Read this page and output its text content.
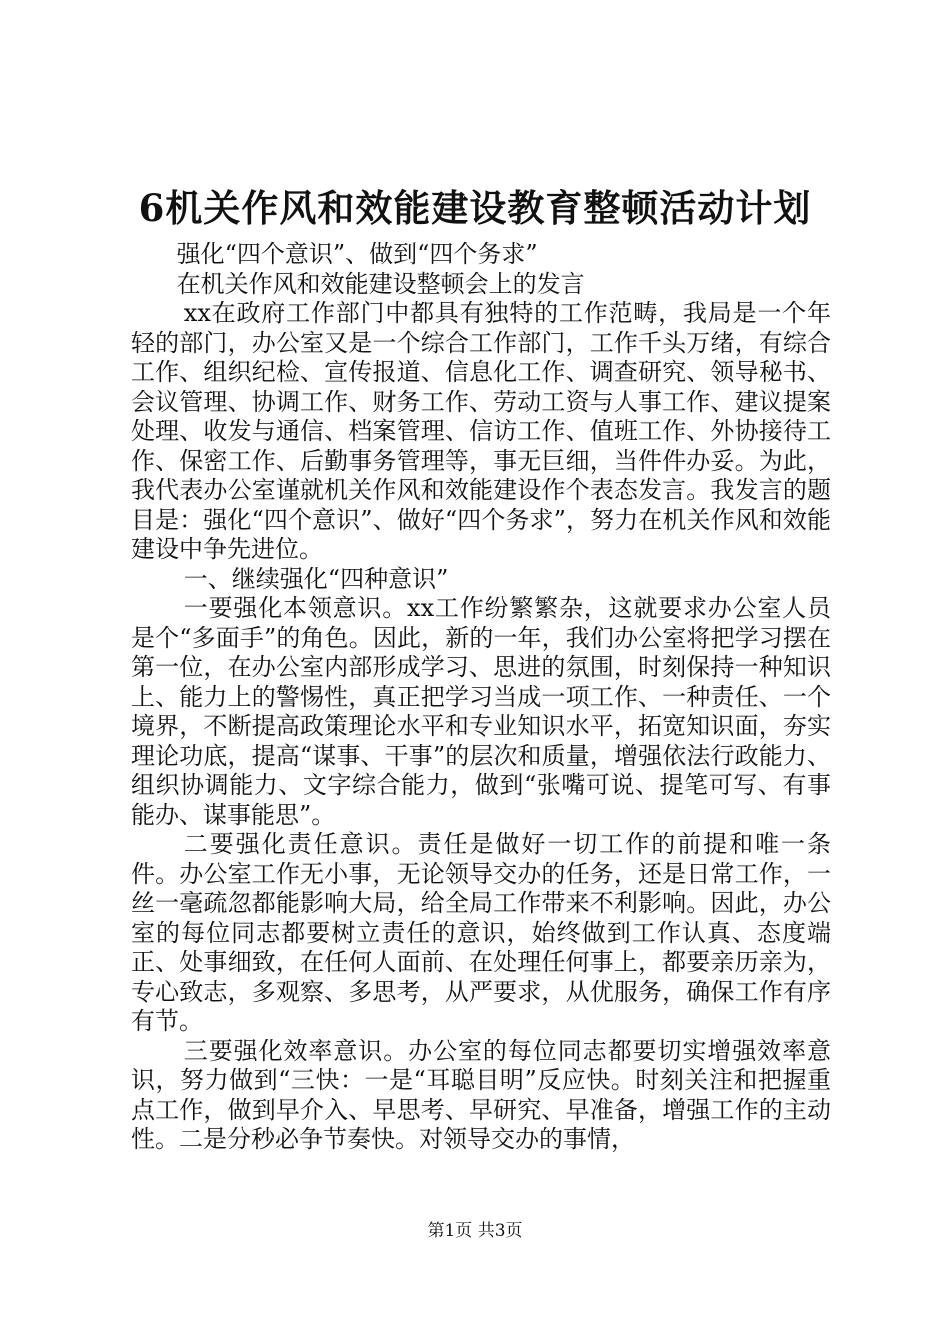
6机关作风和效能建设教育整顿活动计划

强化“四个意识”、做到“四个务求”

在机关作风和效能建设整顿会上的发言

xx在政府工作部门中都具有独特的工作范畴，我局是一个年轻的部门，办公室又是一个综合工作部门，工作千头万绪，有综合工作、组织纪检、宣传报道、信息化工作、调查研究、领导秘书、会议管理、协调工作、财务工作、劳动工资与人事工作、建议提案处理、收发与通信、档案管理、信访工作、值班工作、外协接待工作、保密工作、后勤事务管理等，事无巨细，当件件办妥。为此，我代表办公室谨就机关作风和效能建设作个表态发言。我发言的题目是：强化“四个意识”、做好“四个务求”，努力在机关作风和效能建设中争先进位。

一、继续强化“四种意识”

一要强化本领意识。xx工作纷繁繁杂，这就要求办公室人员是个“多面手”的角色。因此，新的一年，我们办公室将把学习摆在第一位，在办公室内部形成学习、思进的氛围，时刻保持一种知识上、能力上的警惕性，真正把学习当成一项工作、一种责任、一个境界，不断提高政策理论水平和专业知识水平，拓宽知识面，夯实理论功底，提高“谋事、干事”的层次和质量，增强依法行政能力、组织协调能力、文字综合能力，做到“张嘴可说、提笔可写、有事能办、谋事能思”。

二要强化责任意识。责任是做好一切工作的前提和唯一条件。办公室工作无小事，无论领导交办的任务，还是日常工作，一丝一毫疏忽都能影响大局，给全局工作带来不利影响。因此，办公室的每位同志都要树立责任的意识，始终做到工作认真、态度端正、处事细致，在任何人面前、在处理任何事上，都要亲历亲为，专心致志，多观察、多思考，从严要求，从优服务，确保工作有序有节。

三要强化效率意识。办公室的每位同志都要切实增强效率意识，努力做到“三快：一是“耳聪目明”反应快。时刻关注和把握重点工作，做到早介入、早思考、早研究、早准备，增强工作的主动性。二是分秒必争节奏快。对领导交办的事情，

第1页 共3页
